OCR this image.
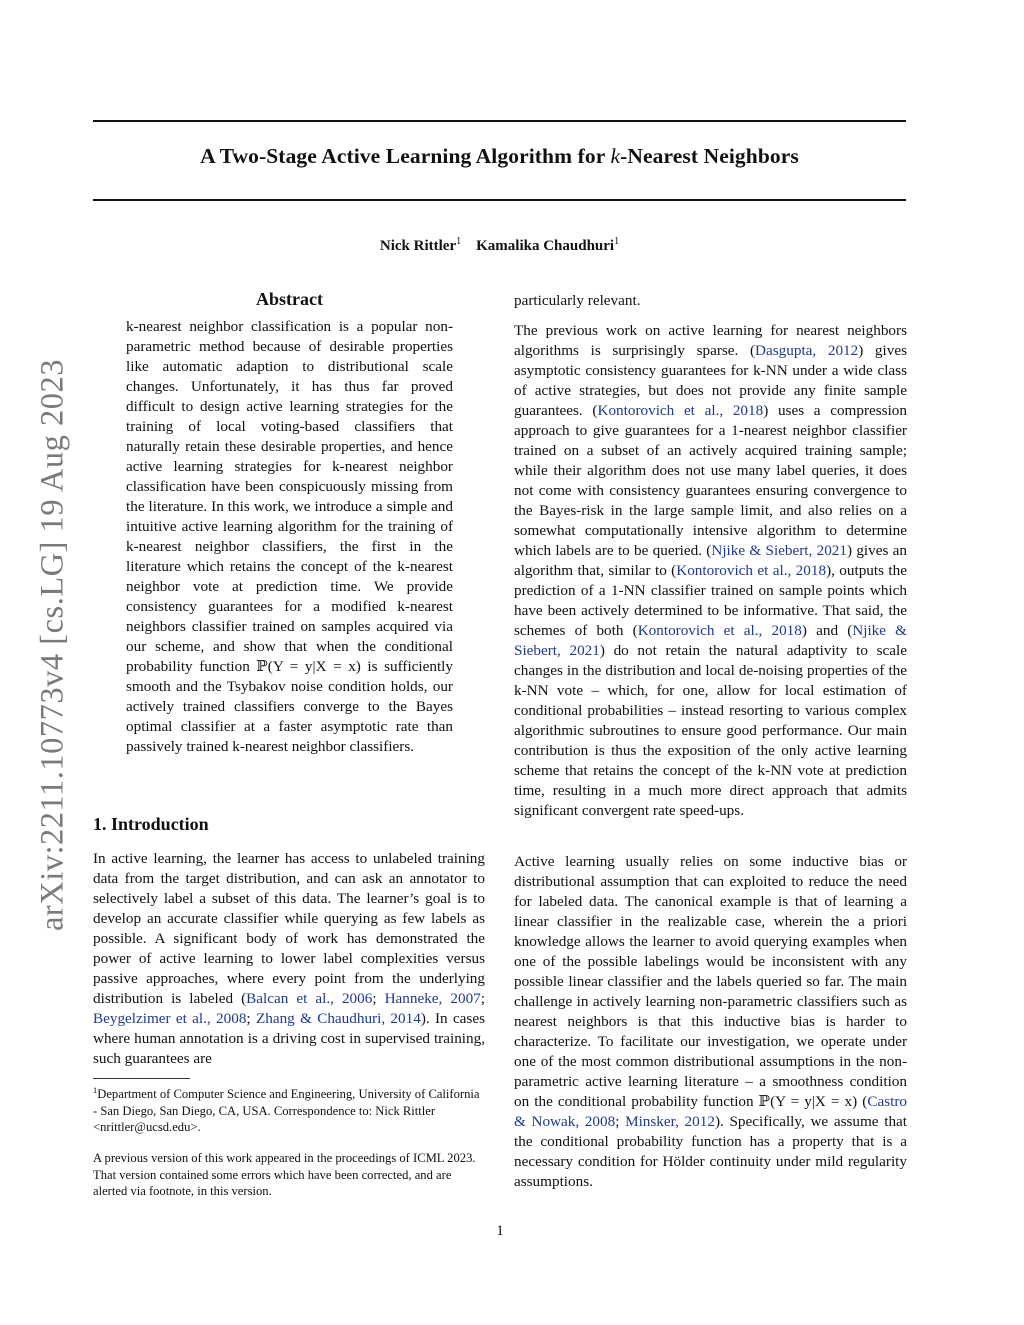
arXiv:2211.10773v4 [cs.LG] 19 Aug 2023
A Two-Stage Active Learning Algorithm for k-Nearest Neighbors
Nick Rittler$^1$ Kamalika Chaudhuri$^1$
Abstract

k-nearest neighbor classification is a popular non-parametric method because of desirable properties like automatic adaption to distributional scale changes. Unfortunately, it has thus far proved difficult to design active learning strategies for the training of local voting-based classifiers that naturally retain these desirable properties, and hence active learning strategies for k-nearest neighbor classification have been conspicuously missing from the literature. In this work, we introduce a simple and intuitive active learning algorithm for the training of k-nearest neighbor classifiers, the first in the literature which retains the concept of the k-nearest neighbor vote at prediction time. We provide consistency guarantees for a modified k-nearest neighbors classifier trained on samples acquired via our scheme, and show that when the conditional probability function ℙ(Y = y|X = x) is sufficiently smooth and the Tsybakov noise condition holds, our actively trained classifiers converge to the Bayes optimal classifier at a faster asymptotic rate than passively trained k-nearest neighbor classifiers.

1. Introduction

In active learning, the learner has access to unlabeled training data from the target distribution, and can ask an annotator to selectively label a subset of this data. The learner’s goal is to develop an accurate classifier while querying as few labels as possible. A significant body of work has demonstrated the power of active learning to lower label complexities versus passive approaches, where every point from the underlying distribution is labeled (Balcan et al., 2006; Hanneke, 2007; Beygelzimer et al., 2008; Zhang & Chaudhuri, 2014). In cases where human annotation is a driving cost in supervised training, such guarantees are

$^1$Department of Computer Science and Engineering, University of California - San Diego, San Diego, CA, USA. Correspondence to: Nick Rittler <nrittler@ucsd.edu>.

A previous version of this work appeared in the proceedings of ICML 2023. That version contained some errors which have been corrected, and are alerted via footnote, in this version.

particularly relevant.

The previous work on active learning for nearest neighbors algorithms is surprisingly sparse. (Dasgupta, 2012) gives asymptotic consistency guarantees for k-NN under a wide class of active strategies, but does not provide any finite sample guarantees. (Kontorovich et al., 2018) uses a compression approach to give guarantees for a 1-nearest neighbor classifier trained on a subset of an actively acquired training sample; while their algorithm does not use many label queries, it does not come with consistency guarantees ensuring convergence to the Bayes-risk in the large sample limit, and also relies on a somewhat computationally intensive algorithm to determine which labels are to be queried. (Njike & Siebert, 2021) gives an algorithm that, similar to (Kontorovich et al., 2018), outputs the prediction of a 1-NN classifier trained on sample points which have been actively determined to be informative. That said, the schemes of both (Kontorovich et al., 2018) and (Njike & Siebert, 2021) do not retain the natural adaptivity to scale changes in the distribution and local de-noising properties of the k-NN vote – which, for one, allow for local estimation of conditional probabilities – instead resorting to various complex algorithmic subroutines to ensure good performance. Our main contribution is thus the exposition of the only active learning scheme that retains the concept of the k-NN vote at prediction time, resulting in a much more direct approach that admits significant convergent rate speed-ups.

Active learning usually relies on some inductive bias or distributional assumption that can exploited to reduce the need for labeled data. The canonical example is that of learning a linear classifier in the realizable case, wherein the a priori knowledge allows the learner to avoid querying examples when one of the possible labelings would be inconsistent with any possible linear classifier and the labels queried so far. The main challenge in actively learning non-parametric classifiers such as nearest neighbors is that this inductive bias is harder to characterize. To facilitate our investigation, we operate under one of the most common distributional assumptions in the non-parametric active learning literature – a smoothness condition on the conditional probability function ℙ(Y = y|X = x) (Castro & Nowak, 2008; Minsker, 2012). Specifically, we assume that the conditional probability function has a property that is a necessary condition for Hölder continuity under mild regularity assumptions.

1
